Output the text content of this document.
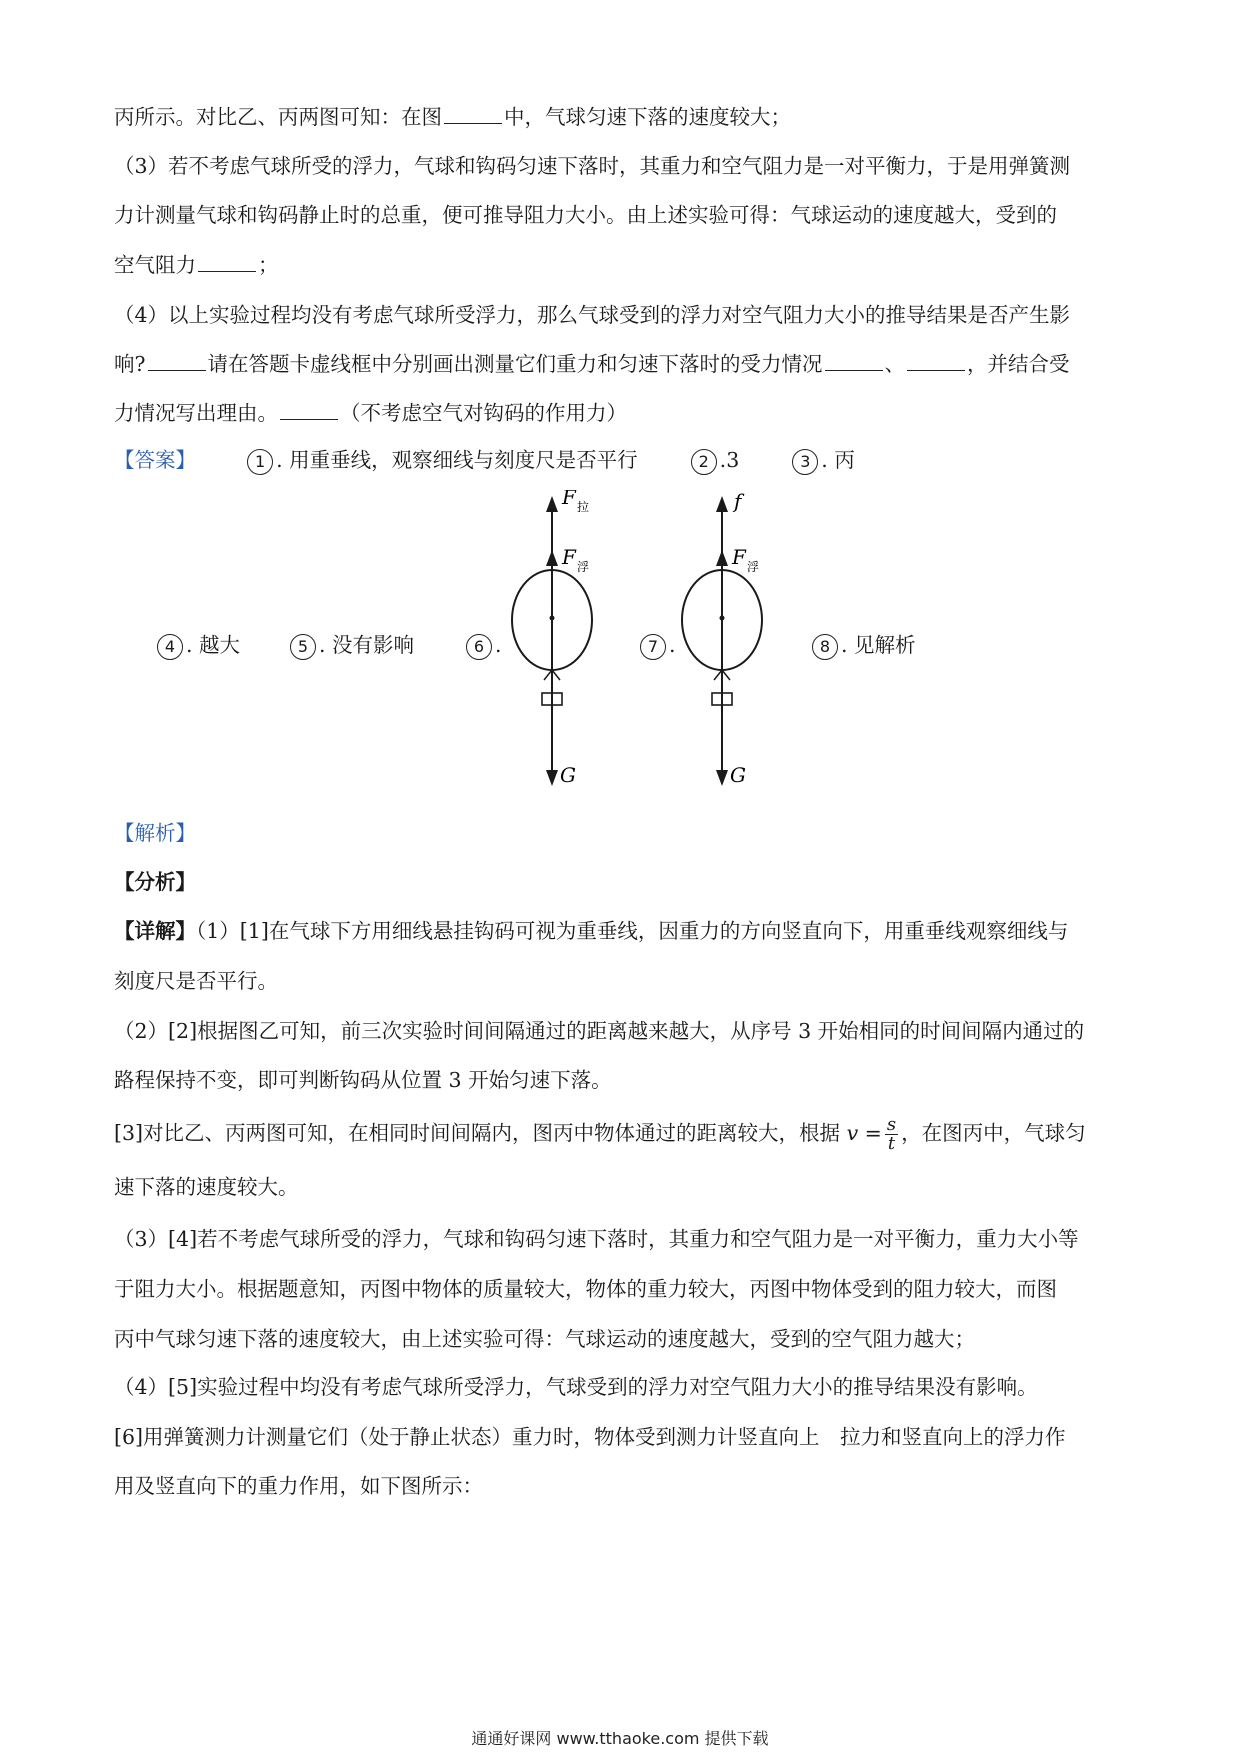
丙所示。对比乙、丙两图可知：在图	中，气球匀速下落的速度较大；
（3）若不考虑气球所受的浮力，气球和钩码匀速下落时，其重力和空气阻力是一对平衡力，于是用弹簧测
力计测量气球和钩码静止时的总重，便可推导阻力大小。由上述实验可得：气球运动的速度越大，受到的
空气阻力	；
（4）以上实验过程均没有考虑气球所受浮力，那么气球受到的浮力对空气阻力大小的推导结果是否产生影
响?	请在答题卡虚线框中分别画出测量它们重力和匀速下落时的受力情况	、	，并结合受
力情况写出理由。	（不考虑空气对钩码的作用力）
【答案】	1 . 用重垂线，观察细线与刻度尺是否平行	2 .3	3 . 丙
4 . 越大	5 . 没有影响	6 .	7 .	8 . 见解析
F 拉
F 浮
G
f
F 浮
G
【解析】
【分析】
【详解】（1）[1]在气球下方用细线悬挂钩码可视为重垂线，因重力的方向竖直向下，用重垂线观察细线与
刻度尺是否平行。
（2）[2]根据图乙可知，前三次实验时间间隔通过的距离越来越大，从序号 3 开始相同的时间间隔内通过的
路程保持不变，即可判断钩码从位置 3 开始匀速下落。
[3]对比乙、丙两图可知，在相同时间间隔内，图丙中物体通过的距离较大，根据 $v = \frac{s}{t}$ ，在图丙中，气球匀
速下落的速度较大。
（3）[4]若不考虑气球所受的浮力，气球和钩码匀速下落时，其重力和空气阻力是一对平衡力，重力大小等
于阻力大小。根据题意知，丙图中物体的质量较大，物体的重力较大，丙图中物体受到的阻力较大，而图
丙中气球匀速下落的速度较大，由上述实验可得：气球运动的速度越大，受到的空气阻力越大；
（4）[5]实验过程中均没有考虑气球所受浮力，气球受到的浮力对空气阻力大小的推导结果没有影响。
[6]用弹簧测力计测量它们（处于静止状态）重力时，物体受到测力计竖直向上　拉力和竖直向上的浮力作
用及竖直向下的重力作用，如下图所示：
通通好课网 www.tthaoke.com 提供下载
